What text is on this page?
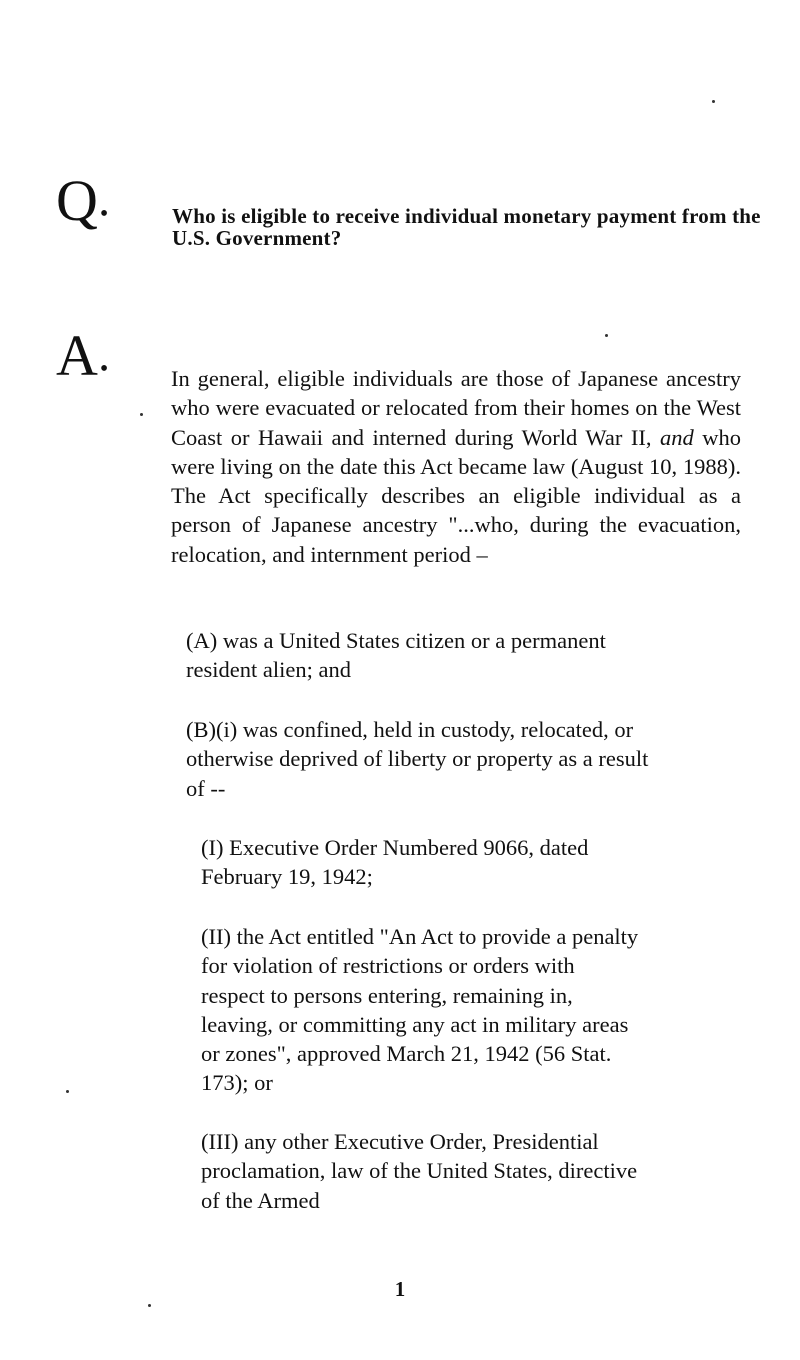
Q •	Who is eligible to receive individual monetary payment from the U.S. Government?
A •	In general, eligible individuals are those of Japanese ancestry who were evacuated or relocated from their homes on the West Coast or Hawaii and interned during World War II, and who were living on the date this Act became law (August 10, 1988). The Act specifically describes an eligible individual as a person of Japanese ancestry "...who, during the evacuation, relocation, and internment period –

(A) was a United States citizen or a permanent resident alien; and

(B)(i) was confined, held in custody, relocated, or otherwise deprived of liberty or property as a result of --

(I) Executive Order Numbered 9066, dated February 19, 1942;

(II) the Act entitled "An Act to provide a penalty for violation of restrictions or orders with respect to persons entering, remaining in, leaving, or committing any act in military areas or zones", approved March 21, 1942 (56 Stat. 173); or

(III) any other Executive Order, Presidential proclamation, law of the United States, directive of the Armed

1
